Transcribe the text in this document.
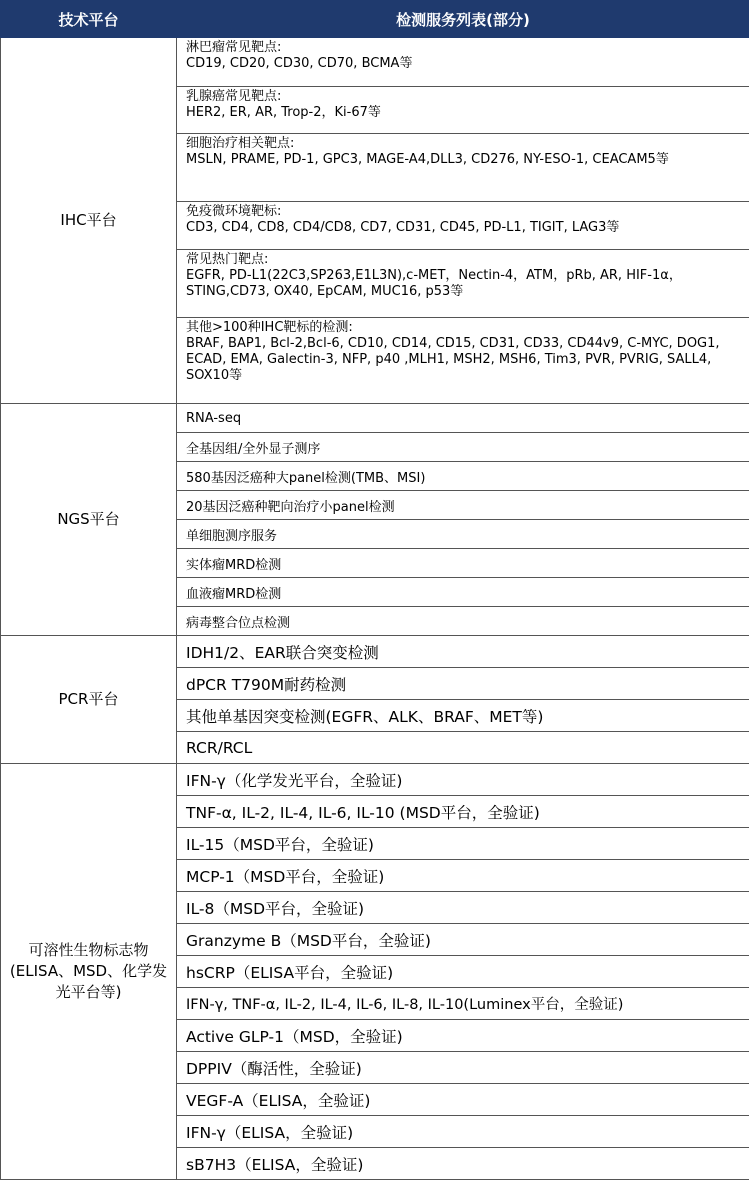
技术平台	检测服务列表(部分)
IHC平台	淋巴瘤常见靶点:
CD19, CD20, CD30, CD70, BCMA等

	乳腺癌常见靶点:
HER2, ER, AR, Trop-2，Ki-67等

	细胞治疗相关靶点:
MSLN, PRAME, PD-1, GPC3, MAGE-A4,DLL3, CD276, NY-ESO-1, CEACAM5等

	免疫微环境靶标:
CD3, CD4, CD8, CD4/CD8, CD7, CD31, CD45, PD-L1, TIGIT, LAG3等

	常见热门靶点:
EGFR, PD-L1(22C3,SP263,E1L3N),c-MET，Nectin-4，ATM，pRb, AR, HIF-1α，STING,CD73, OX40, EpCAM, MUC16, p53等

	其他>100种IHC靶标的检测:
BRAF, BAP1, Bcl-2,Bcl-6, CD10, CD14, CD15, CD31, CD33, CD44v9, C-MYC, DOG1, ECAD, EMA, Galectin-3, NFP, p40 ,MLH1, MSH2, MSH6, Tim3, PVR, PVRIG, SALL4, SOX10等

NGS平台	RNA-seq
	全基因组/全外显子测序
	580基因泛癌种大panel检测(TMB、MSI)
	20基因泛癌种靶向治疗小panel检测
	单细胞测序服务
	实体瘤MRD检测
	血液瘤MRD检测
	病毒整合位点检测
PCR平台	IDH1/2、EAR联合突变检测
	dPCR T790M耐药检测
	其他单基因突变检测(EGFR、ALK、BRAF、MET等)
	RCR/RCL
可溶性生物标志物(ELISA、MSD、化学发光平台等)	IFN-γ（化学发光平台，全验证)
	TNF-α, IL-2, IL-4, IL-6, IL-10 (MSD平台，全验证)
	IL-15（MSD平台，全验证)
	MCP-1（MSD平台，全验证)
	IL-8（MSD平台，全验证)
	Granzyme B（MSD平台，全验证)
	hsCRP（ELISA平台，全验证)
	IFN-γ, TNF-α, IL-2, IL-4, IL-6, IL-8, IL-10(Luminex平台，全验证)
	Active GLP-1（MSD，全验证)
	DPPIV（酶活性，全验证)
	VEGF-A（ELISA，全验证)
	IFN-γ（ELISA，全验证)
	sB7H3（ELISA，全验证)
